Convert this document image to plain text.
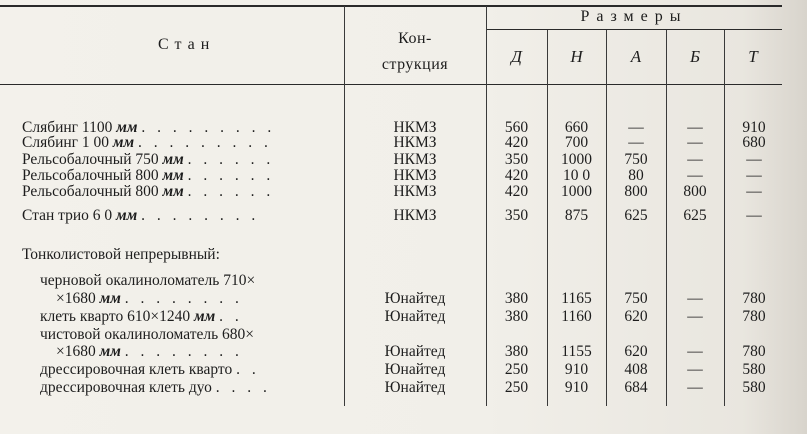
Стан	Кон-
струкция
Размеры
Д	Н	А	Б	Т
Слябинг 1100 мм . . . . . . . . .	НКМЗ	560	660	—	—	910
Слябинг 1 00 мм . . . . . . . . .	НКМЗ	420	700	—	—	680
Рельсобалочный 750 мм . . . . . .	НКМЗ	350	1000	750	—	—
Рельсобалочный 800 мм . . . . . .	НКМЗ	420	10 0	80	—	—
Рельсобалочный 800 мм . . . . . .	НКМЗ	420	1000	800	800	—
Стан трио 6 0 мм . . . . . . . .	НКМЗ	350	875	625	625	—
Тонколистовой непрерывный:
черновой окалиноломатель 710×
×1680 мм . . . . . . . .	Юнайтед	380	1165	750	—	780
клеть кварто 610×1240 мм . .	Юнайтед	380	1160	620	—	780
чистовой окалиноломатель 680×
×1680 мм . . . . . . . .	Юнайтед	380	1155	620	—	780
дрессировочная клеть кварто . .	Юнайтед	250	910	408	—	580
дрессировочная клеть дуо . . . .	Юнайтед	250	910	684	—	580
